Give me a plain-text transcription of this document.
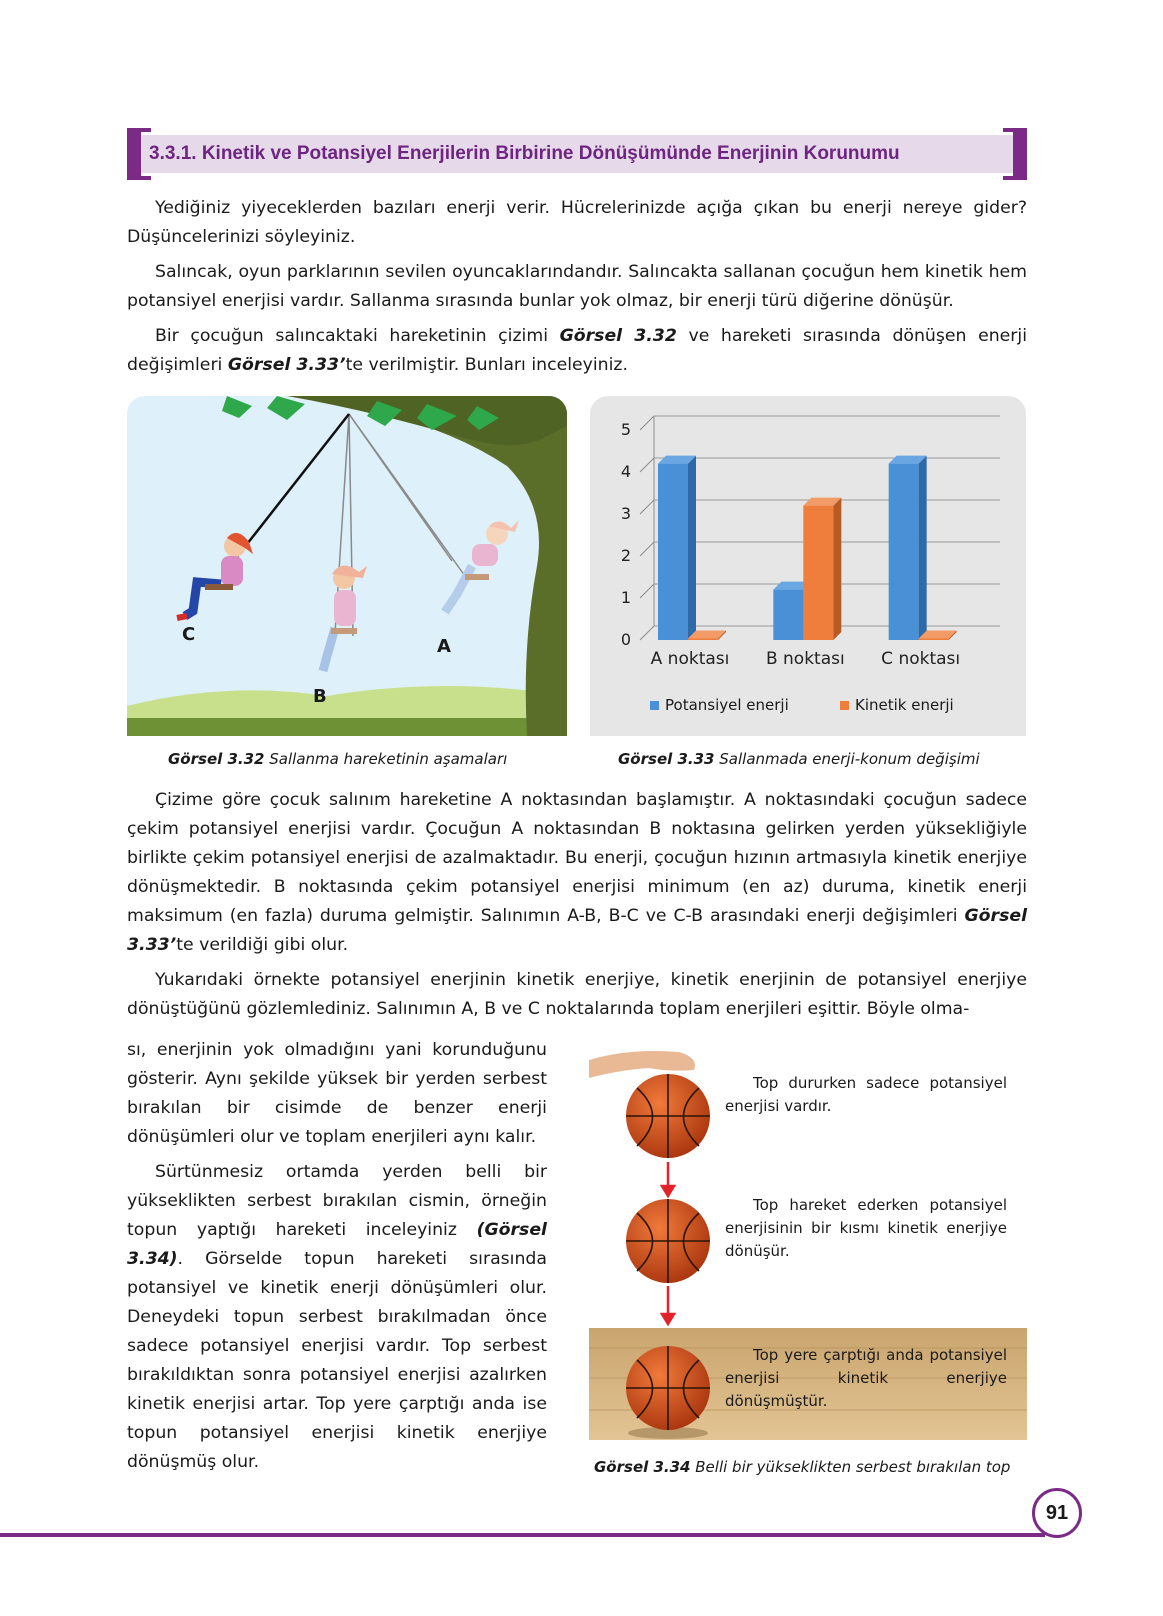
3.3.1. Kinetik ve Potansiyel Enerjilerin Birbirine Dönüşümünde Enerjinin Korunumu

Yediğiniz yiyeceklerden bazıları enerji verir. Hücrelerinizde açığa çıkan bu enerji nereye gider? Düşüncelerinizi söyleyiniz.

Salıncak, oyun parklarının sevilen oyuncaklarındandır. Salıncakta sallanan çocuğun hem kinetik hem potansiyel enerjisi vardır. Sallanma sırasında bunlar yok olmaz, bir enerji türü diğerine dönüşür.

Bir çocuğun salıncaktaki hareketinin çizimi Görsel 3.32 ve hareketi sırasında dönüşen enerji değişimleri Görsel 3.33’te verilmiştir. Bunları inceleyiniz.

C
A
B
Görsel 3.32 Sallanma hareketinin aşamaları
0
1
2
3
4
5
A noktası B noktası C noktası
Potansiyel enerji	Kinetik enerji
Görsel 3.33 Sallanmada enerji-konum değişimi

Çizime göre çocuk salınım hareketine A noktasından başlamıştır. A noktasındaki çocuğun sadece çekim potansiyel enerjisi vardır. Çocuğun A noktasından B noktasına gelirken yerden yüksekliğiyle birlikte çekim potansiyel enerjisi de azalmaktadır. Bu enerji, çocuğun hızının artmasıyla kinetik enerjiye dönüşmektedir. B noktasında çekim potansiyel enerjisi minimum (en az) duruma, kinetik enerji maksimum (en fazla) duruma gelmiştir. Salınımın A-B, B-C ve C-B arasındaki enerji değişimleri Görsel 3.33’te verildiği gibi olur.

Yukarıdaki örnekte potansiyel enerjinin kinetik enerjiye, kinetik enerjinin de potansiyel enerjiye dönüştüğünü gözlemlediniz. Salınımın A, B ve C noktalarında toplam enerjileri eşittir. Böyle olma-

sı, enerjinin yok olmadığını yani korunduğunu gösterir. Aynı şekilde yüksek bir yerden serbest bırakılan bir cisimde de benzer enerji dönüşümleri olur ve toplam enerjileri aynı kalır.

Sürtünmesiz ortamda yerden belli bir yükseklikten serbest bırakılan cismin, örneğin topun yaptığı hareketi inceleyiniz (Görsel 3.34). Görselde topun hareketi sırasında potansiyel ve kinetik enerji dönüşümleri olur. Deneydeki topun serbest bırakılmadan önce sadece potansiyel enerjisi vardır. Top serbest bırakıldıktan sonra potansiyel enerjisi azalırken kinetik enerjisi artar. Top yere çarptığı anda ise topun potansiyel enerjisi kinetik enerjiye dönüşmüş olur.

Top dururken sadece potansiyel enerjisi vardır.
Top hareket ederken potansiyel enerjisinin bir kısmı kinetik enerjiye dönüşür.
Top yere çarptığı anda potansiyel enerjisi kinetik enerjiye dönüşmüştür.
Görsel 3.34 Belli bir yükseklikten serbest bırakılan top
91
